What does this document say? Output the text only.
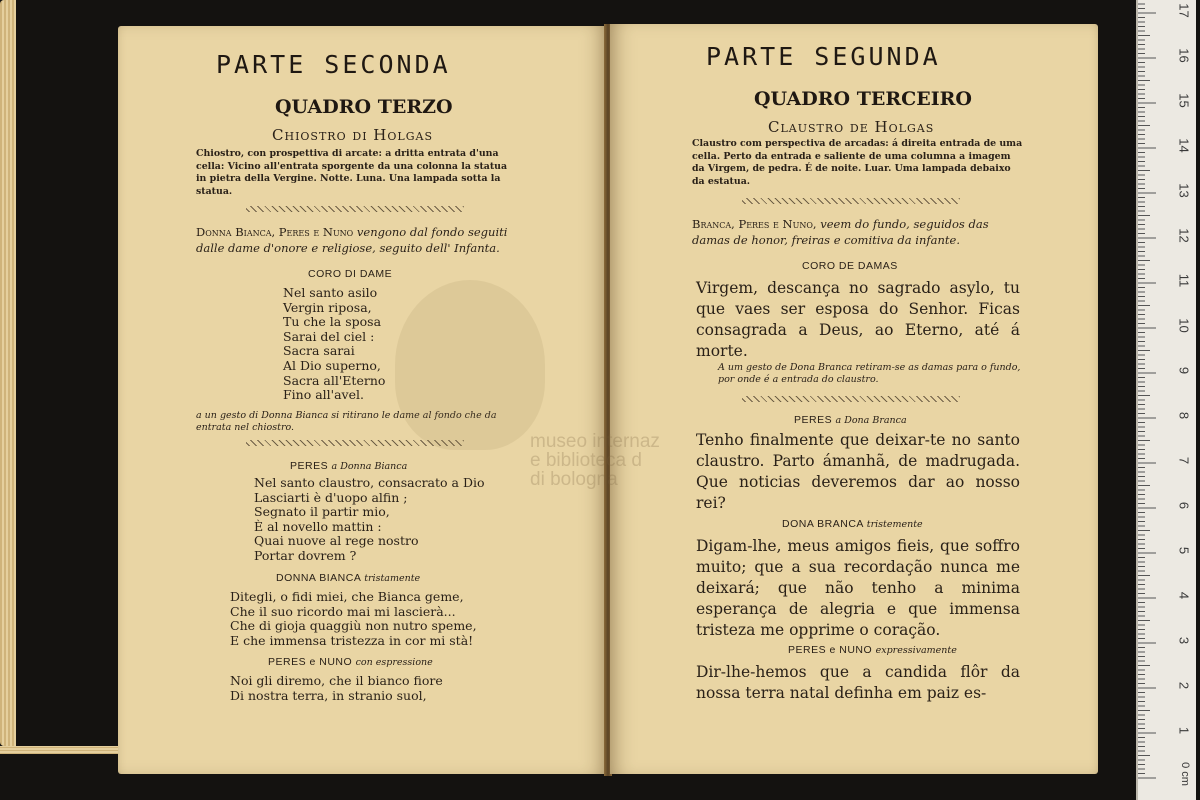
PARTE SECONDA
QUADRO TERZO
Chiostro di Holgas
Chiostro, con prospettiva di arcate: a dritta entrata d'una cella: Vicino all'entrata sporgente da una colonna la statua in pietra della Vergine. Notte. Luna. Una lampada sotta la statua.
Donna Bianca, Peres e Nuno vengono dal fondo seguiti dalle dame d'onore e religiose, seguito dell' Infanta.
CORO DI DAME
Nel santo asilo
Vergin riposa,
Tu che la sposa
Sarai del ciel :
Sacra sarai
Al Dio superno,
Sacra all'Eterno
Fino all'avel.
a un gesto di Donna Bianca si ritirano le dame al fondo che da entrata nel chiostro.
PERES a Donna Bianca
Nel santo claustro, consacrato a Dio
Lasciarti è d'uopo alfin ;
Segnato il partir mio,
È al novello mattin :
Quai nuove al rege nostro
Portar dovrem ?
DONNA BIANCA tristamente
Ditegli, o fidi miei, che Bianca geme,
Che il suo ricordo mai mi lascierà...
Che di gioja quaggiù non nutro speme,
E che immensa tristezza in cor mi stà!
PERES e NUNO con espressione
Noi gli diremo, che il bianco fiore
Di nostra terra, in stranio suol,
PARTE SEGUNDA
QUADRO TERCEIRO
Claustro de Holgas
Claustro com perspectiva de arcadas: á direita entrada de uma cella. Perto da entrada e saliente de uma columna a imagem da Virgem, de pedra. É de noite. Luar. Uma lampada debaixo da estatua.
Branca, Peres e Nuno, veem do fundo, seguidos das damas de honor, freiras e comitiva da infante.
CORO DE DAMAS
Virgem, descança no sagrado asylo, tu que vaes ser esposa do Senhor. Ficas consagrada a Deus, ao Eterno, até á morte.
A um gesto de Dona Branca retiram-se as damas para o fundo, por onde é a entrada do claustro.
PERES a Dona Branca
Tenho finalmente que deixar-te no santo claustro. Parto ámanhã, de madrugada. Que noticias deveremos dar ao nosso rei?
DONA BRANCA tristemente
Digam-lhe, meus amigos fieis, que soffro muito; que a sua recordação nunca me deixará; que não tenho a minima esperança de alegria e que immensa tristeza me opprime o coração.
PERES e NUNO expressivamente
Dir-lhe-hemos que a candida flôr da nossa terra natal definha em paiz es-
museo internaz
e biblioteca d
di bologna
0 cm
1
2
3
4
5
6
7
8
9
10
11
12
13
14
15
16
17
